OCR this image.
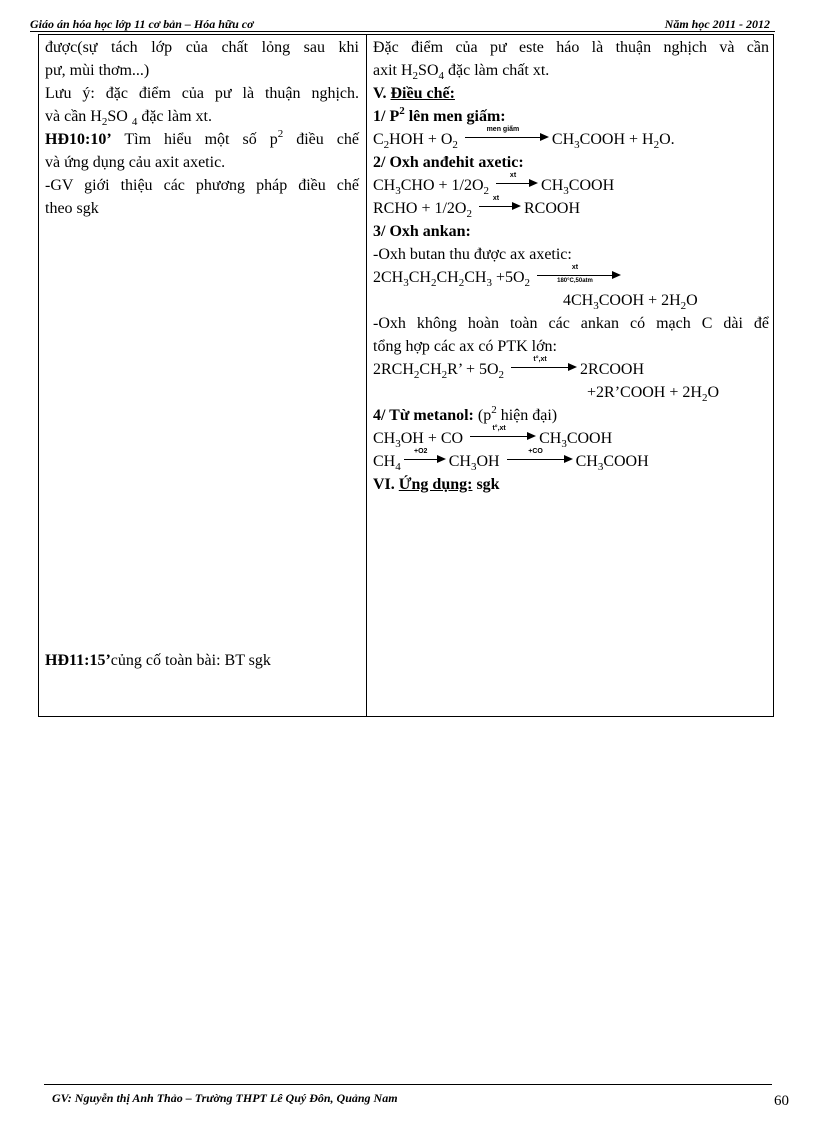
Giáo án hóa học lớp 11 cơ bản – Hóa hữu cơ	Năm học 2011 - 2012
được(sự tách lớp của chất lỏng sau khi
pư, mùi thơm...)
Lưu ý: đặc điểm của pư là thuận nghịch.
và cần $H_2SO$ $_4$ đặc làm xt.
HĐ10:10’ Tìm hiểu một số $p^2$ điều chế
và ứng dụng cảu axit axetic.
-GV giới thiệu các phương pháp điều chế
theo sgk
HĐ11:15’củng cố toàn bài: BT sgk
Đặc điểm của pư este háo là thuận nghịch và cần
axit $H_2SO_4$ đặc làm chất xt.
V. Điều chế:
1/ $P^2$ lên men giấm:
$C_2HOH + O_2$
men giấm
$CH_3COOH + H_2O$.
2/ Oxh anđehit axetic:
$CH_3CHO + 1/2O_2$
xt
$CH_3COOH$
RCHO + $1/2O_2$
xt
RCOOH
3/ Oxh ankan:
-Oxh butan thu được ax axetic:
$2CH_3CH_2CH_2CH_3 +5O_2$
xt
180°C,50atm
$4CH_3COOH + 2H_2O$
-Oxh không hoàn toàn các ankan có mạch C dài để
tổng hợp các ax có PTK lớn:
$2RCH_2CH_2R$’ + $5O_2$
t°,xt
2RCOOH
+2R’COOH + $2H_2O$
4/ Từ metanol: ($p^2$ hiện đại)
$CH_3OH$ + CO
t°,xt
$CH_3COOH$
$CH_4$
+O2
$CH_3OH$
+CO
$CH_3COOH$
VI. Ứng dụng: sgk
GV: Nguyễn thị Anh Thảo – Trường THPT Lê Quý Đôn, Quảng Nam	60
